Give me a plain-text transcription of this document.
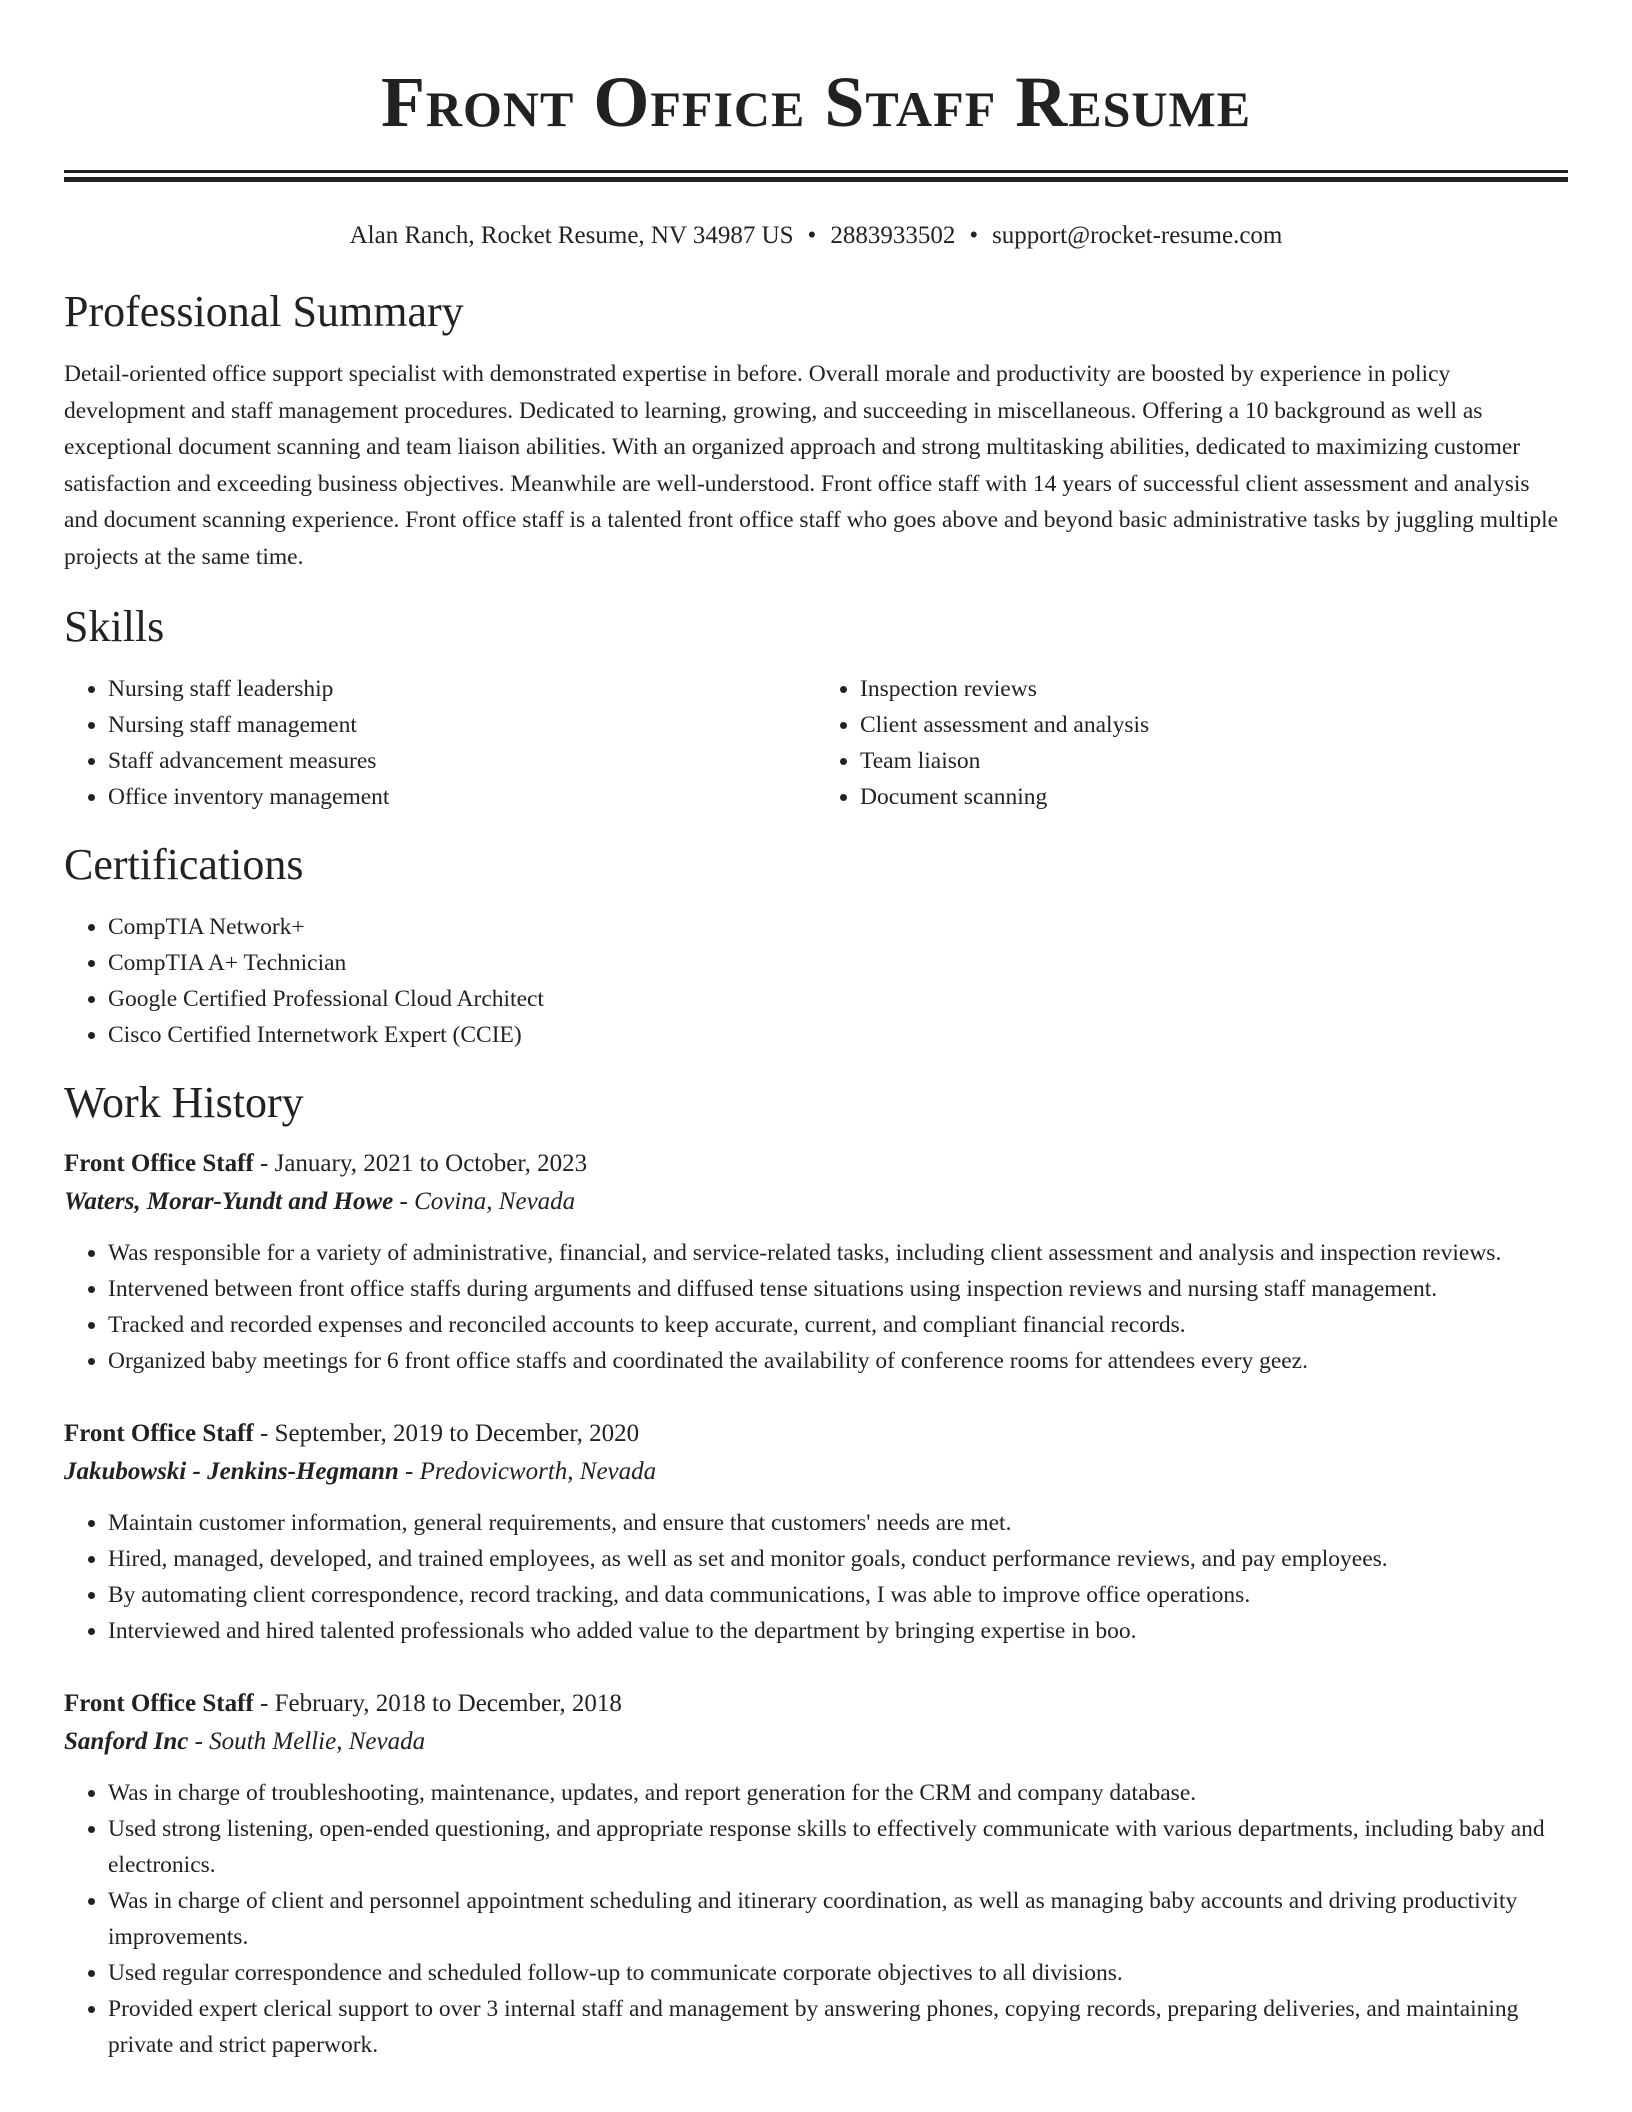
Front Office Staff Resume
Alan Ranch, Rocket Resume, NV 34987 US • 2883933502 • support@rocket-resume.com
Professional Summary

Detail-oriented office support specialist with demonstrated expertise in before. Overall morale and productivity are boosted by experience in policy development and staff management procedures. Dedicated to learning, growing, and succeeding in miscellaneous. Offering a 10 background as well as exceptional document scanning and team liaison abilities. With an organized approach and strong multitasking abilities, dedicated to maximizing customer satisfaction and exceeding business objectives. Meanwhile are well-understood. Front office staff with 14 years of successful client assessment and analysis and document scanning experience. Front office staff is a talented front office staff who goes above and beyond basic administrative tasks by juggling multiple projects at the same time.

Skills
• Nursing staff leadership
• Nursing staff management
• Staff advancement measures
• Office inventory management
• Inspection reviews
• Client assessment and analysis
• Team liaison
• Document scanning
Certifications
• CompTIA Network+
• CompTIA A+ Technician
• Google Certified Professional Cloud Architect
• Cisco Certified Internetwork Expert (CCIE)
Work History
Front Office Staff - January, 2021 to October, 2023
Waters, Morar-Yundt and Howe - Covina, Nevada
• Was responsible for a variety of administrative, financial, and service-related tasks, including client assessment and analysis and inspection reviews.
• Intervened between front office staffs during arguments and diffused tense situations using inspection reviews and nursing staff management.
• Tracked and recorded expenses and reconciled accounts to keep accurate, current, and compliant financial records.
• Organized baby meetings for 6 front office staffs and coordinated the availability of conference rooms for attendees every geez.
Front Office Staff - September, 2019 to December, 2020
Jakubowski - Jenkins-Hegmann - Predovicworth, Nevada
• Maintain customer information, general requirements, and ensure that customers' needs are met.
• Hired, managed, developed, and trained employees, as well as set and monitor goals, conduct performance reviews, and pay employees.
• By automating client correspondence, record tracking, and data communications, I was able to improve office operations.
• Interviewed and hired talented professionals who added value to the department by bringing expertise in boo.
Front Office Staff - February, 2018 to December, 2018
Sanford Inc - South Mellie, Nevada
• Was in charge of troubleshooting, maintenance, updates, and report generation for the CRM and company database.
• Used strong listening, open-ended questioning, and appropriate response skills to effectively communicate with various departments, including baby and electronics.
• Was in charge of client and personnel appointment scheduling and itinerary coordination, as well as managing baby accounts and driving productivity improvements.
• Used regular correspondence and scheduled follow-up to communicate corporate objectives to all divisions.
• Provided expert clerical support to over 3 internal staff and management by answering phones, copying records, preparing deliveries, and maintaining private and strict paperwork.
